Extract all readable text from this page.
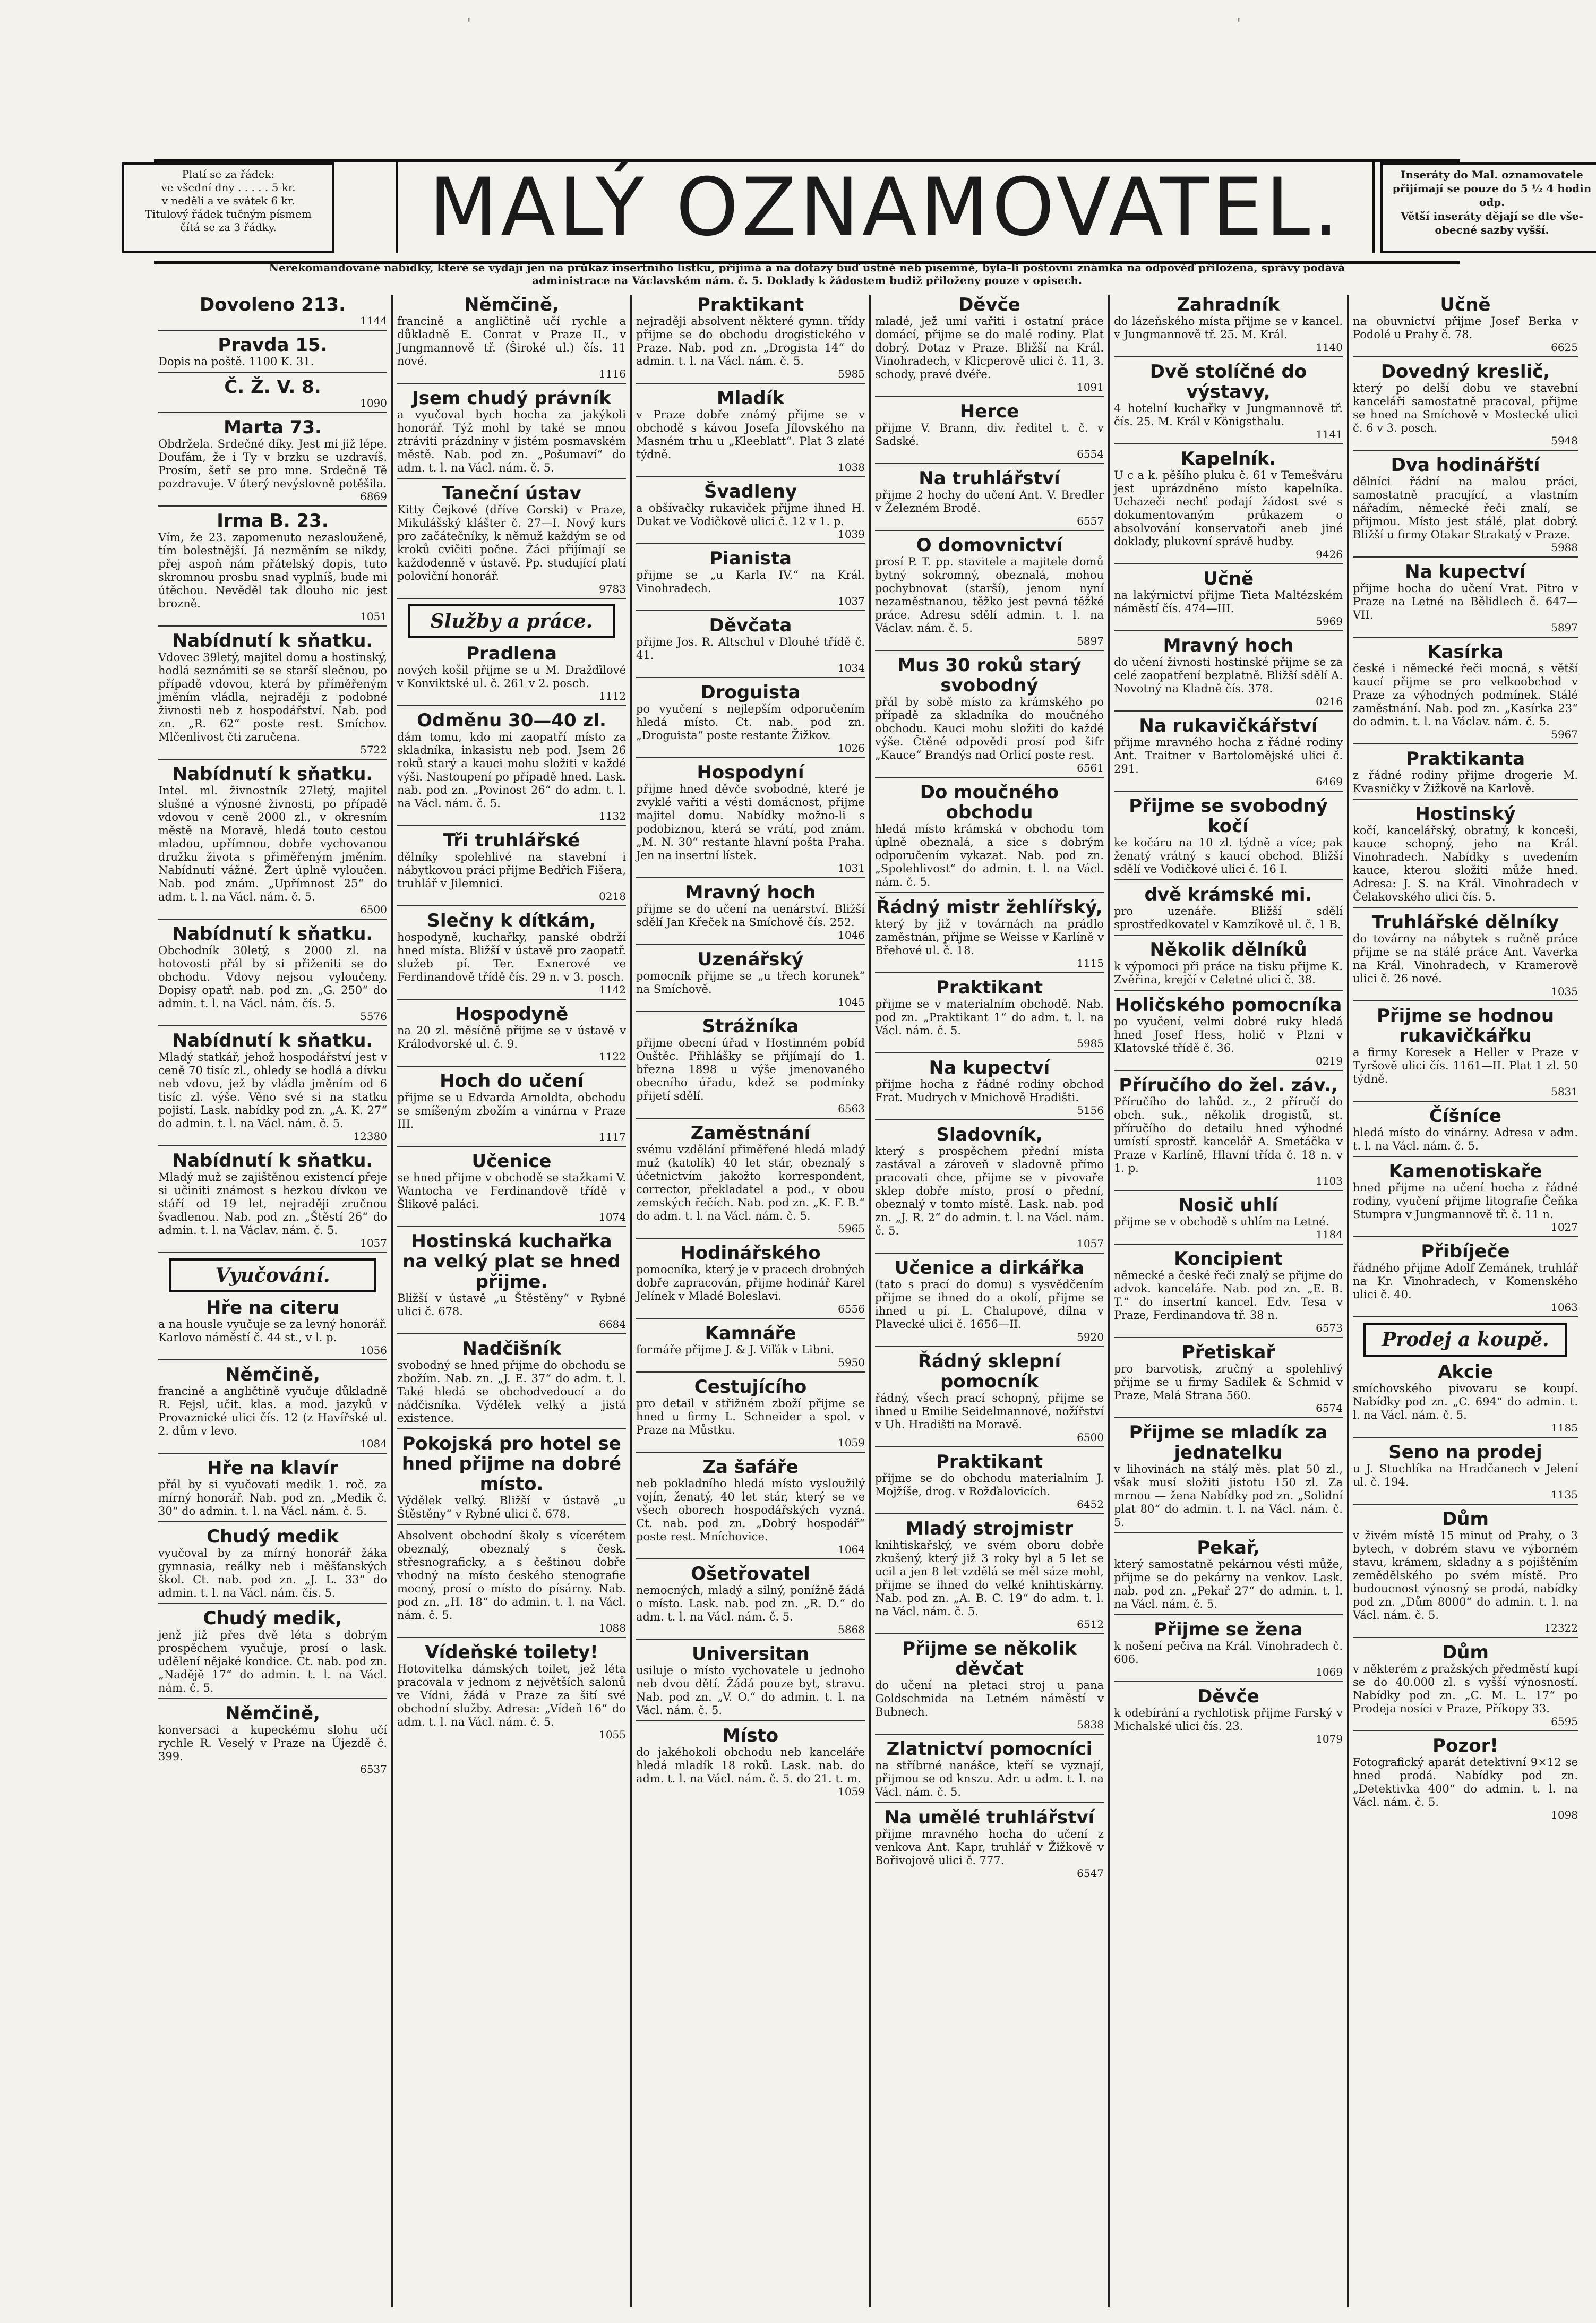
'	'
Platí se za řádek:
ve všední dny . . . . . 5 kr.
v neděli a ve svátek 6 kr.
Titulový řádek tučným písmem
čítá se za 3 řádky.	MALÝ OZNAMOVATEL.	Inseráty do Mal. oznamovatele
přijímají se pouze do 5 ½ 4 hodin odp.
Větší inseráty dějají se dle vše-
obecné sazby vyšší.
Nerekomandované nabídky, které se vydají jen na průkaz insertního lístku, přijímá a na dotazy buď ústně neb písemně, byla-li poštovní známka na odpověď přiložena, správy podává
administrace na Václavském nám. č. 5. Doklady k žádostem budiž přiloženy pouze v opisech.

Dovoleno 213.

1144

Pravda 15.

Dopis na poště. 1100 K. 31.

Č. Ž. V. 8.

1090

Marta 73.

Obdržela. Srdečné díky. Jest mi již lépe. Doufám, že i Ty v brzku se uzdravíš. Prosím, šetř se pro mne. Srdečně Tě pozdravuje. V úterý nevýslovně potěšila.

6869

Irma B. 23.

Vím, že 23. zapomenuto nezaslouženě, tím bolestnější. Já nezměním se nikdy, přej aspoň nám přátelský dopis, tuto skromnou prosbu snad vyplníš, bude mi útěchou. Nevěděl tak dlouho nic jest brozně.

1051

Nabídnutí k sňatku.

Vdovec 39letý, majitel domu a hostinský, hodlá seznámiti se se starší slečnou, po případě vdovou, která by příměřeným jměním vládla, nejraději z podobné živnosti neb z hospodářství. Nab. pod zn. „R. 62“ poste rest. Smíchov. Mlčenlivost čti zaručena.

5722

Nabídnutí k sňatku.

Intel. ml. živnostník 27letý, majitel slušné a výnosné živnosti, po případě vdovou v ceně 2000 zl., v okresním městě na Moravě, hledá touto cestou mladou, upřímnou, dobře vychovanou družku života s přiměřeným jměním. Nabídnutí vážné. Žert úplně vyloučen. Nab. pod znám. „Upřímnost 25“ do adm. t. l. na Václ. nám. č. 5.

6500

Nabídnutí k sňatku.

Obchodník 30letý, s 2000 zl. na hotovosti přál by si přiženiti se do obchodu. Vdovy nejsou vyloučeny. Dopisy opatř. nab. pod zn. „G. 250“ do admin. t. l. na Václ. nám. čís. 5.

5576

Nabídnutí k sňatku.

Mladý statkář, jehož hospodářství jest v ceně 70 tisíc zl., ohledy se hodlá a dívku neb vdovu, jež by vládla jměním od 6 tisíc zl. výše. Věno své si na statku pojistí. Lask. nabídky pod zn. „A. K. 27“ do admin. t. l. na Václ. nám. č. 5.

12380

Nabídnutí k sňatku.

Mladý muž se zajištěnou existencí přeje si učiniti známost s hezkou dívkou ve stáří od 19 let, nejraději zručnou švadlenou. Nab. pod zn. „Štěstí 26“ do admin. t. l. na Václav. nám. č. 5.

1057

Vyučování.

Hře na citeru

a na housle vyučuje se za levný honorář. Karlovo náměstí č. 44 st., v l. p.

1056

Němčině,

francině a angličtině vyučuje důkladně R. Fejsl, učit. klas. a mod. jazyků v Provaznické ulici čís. 12 (z Havířské ul. 2. dům v levo.

1084

Hře na klavír

přál by si vyučovati medik 1. roč. za mírný honorář. Nab. pod zn. „Medik č. 30“ do admin. t. l. na Václ. nám. č. 5.

Chudý medik

vyučoval by za mírný honorář žáka gymnasia, reálky neb i měšťanských škol. Ct. nab. pod zn. „J. L. 33“ do admin. t. l. na Václ. nám. čís. 5.

Chudý medik,

jenž již přes dvě léta s dobrým prospěchem vyučuje, prosí o lask. udělení nějaké kondice. Ct. nab. pod zn. „Nadějě 17“ do admin. t. l. na Václ. nám. č. 5.

Němčině,

konversaci a kupeckému slohu učí rychle R. Veselý v Praze na Újezdě č. 399.

6537

Němčině,

francině a angličtině učí rychle a důkladně E. Conrat v Praze II., v Jungmannově tř. (Široké ul.) čís. 11 nové.

1116

Jsem chudý právník

a vyučoval bych hocha za jakýkoli honorář. Týž mohl by také se mnou ztráviti prázdniny v jistém posmavském městě. Nab. pod zn. „Pošumaví“ do adm. t. l. na Václ. nám. č. 5.

Taneční ústav

Kitty Čejkové (dříve Gorski) v Praze, Mikulášský klášter č. 27—I. Nový kurs pro začátečníky, k němuž každým se od kroků cvičiti počne. Žáci přijímají se každodenně v ústavě. Pp. studující platí poloviční honorář.

9783

Služby a práce.

Pradlena

nových košil přijme se u M. Dražďilové v Konviktské ul. č. 261 v 2. posch.

1112

Odměnu 30—40 zl.

dám tomu, kdo mi zaopatří místo za skladníka, inkasistu neb pod. Jsem 26 roků starý a kauci mohu složiti v každé výši. Nastoupení po případě hned. Lask. nab. pod zn. „Povinost 26“ do adm. t. l. na Václ. nám. č. 5.

1132

Tři truhlářské

dělníky spolehlivé na stavební i nábytkovou práci přijme Bedřich Fišera, truhlář v Jilemnici.

0218

Slečny k dítkám,

hospodyně, kuchařky, panské obdrží hned místa. Bližší v ústavě pro zaopatř. služeb pí. Ter. Exnerové ve Ferdinandově třídě čís. 29 n. v 3. posch.

1142

Hospodyně

na 20 zl. měsíčně přijme se v ústavě v Králodvorské ul. č. 9.

1122

Hoch do učení

přijme se u Edvarda Arnoldta, obchodu se smíšeným zbožím a vinárna v Praze III.

1117

Učenice

se hned přijme v obchodě se stažkami V. Wantocha ve Ferdinandově třídě v Šlikově paláci.

1074

Hostinská kuchařka na velký plat se hned přijme.

Bližší v ústavě „u Štěstěny“ v Rybné ulici č. 678.

6684

Nadčišník

svobodný se hned přijme do obchodu se zbožím. Nab. zn. „J. E. 37“ do adm. t. l. Také hledá se obchodvedoucí a do nádčisníka. Výdělek velký a jistá existence.

Pokojská pro hotel se hned přijme na dobré místo.

Výdělek velký. Bližší v ústavě „u Štěstěny“ v Rybné ulici č. 678.

Absolvent obchodní školy s vícerétem obeznalý, obeznalý s česk. střesnograficky, a s češtinou dobře vhodný na místo českého stenografie mocný, prosí o místo do písárny. Nab. pod zn. „H. 18“ do admin. t. l. na Václ. nám. č. 5.

1088

Vídeňské toilety!

Hotovitelka dámských toilet, jež léta pracovala v jednom z největších salonů ve Vídni, žádá v Praze za šití své obchodní služby. Adresa: „Vídeň 16“ do adm. t. l. na Václ. nám. č. 5.

1055

Praktikant

nejraději absolvent některé gymn. třídy přijme se do obchodu drogistického v Praze. Nab. pod zn. „Drogista 14“ do admin. t. l. na Václ. nám. č. 5.

5985

Mladík

v Praze dobře známý přijme se v obchodě s kávou Josefa Jílovského na Masném trhu u „Kleeblatt“. Plat 3 zlaté týdně.

1038

Švadleny

a obšívačky rukaviček přijme ihned H. Dukat ve Vodičkově ulici č. 12 v 1. p.

1039

Pianista

přijme se „u Karla IV.“ na Král. Vinohradech.

1037

Děvčata

přijme Jos. R. Altschul v Dlouhé třídě č. 41.

1034

Droguista

po vyučení s nejlepším odporučením hledá místo. Ct. nab. pod zn. „Droguista“ poste restante Žižkov.

1026

Hospodyní

přijme hned děvče svobodné, které je zvyklé vařiti a vésti domácnost, přijme majitel domu. Nabídky možno-li s podobiznou, která se vrátí, pod znám. „M. N. 30“ restante hlavní pošta Praha. Jen na insertní lístek.

1031

Mravný hoch

přijme se do učení na uenárství. Bližší sdělí Jan Křeček na Smíchově čís. 252.

1046

Uzenářský

pomocník přijme se „u třech korunek“ na Smíchově.

1045

Strážníka

přijme obecní úřad v Hostinném pobíd Ouštěc. Přihlášky se přijímají do 1. března 1898 u výše jmenovaného obecního úřadu, kdež se podmínky přijetí sdělí.

6563

Zaměstnání

svému vzdělání přiměřené hledá mladý muž (katolík) 40 let stár, obeznalý s účetnictvím jakožto korrespondent, corrector, překladatel a pod., v obou zemských řečích. Nab. pod zn. „K. F. B.“ do adm. t. l. na Václ. nám. č. 5.

5965

Hodinářského

pomocníka, který je v pracech drobných dobře zapracován, přijme hodinář Karel Jelínek v Mladé Boleslavi.

6556

Kamnáře

formáře přijme J. & J. Viľák v Libni.

5950

Cestujícího

pro detail v střižném zboží přijme se hned u firmy L. Schneider a spol. v Praze na Můstku.

1059

Za šafáře

neb pokladního hledá místo vysloužilý vojín, ženatý, 40 let stár, který se ve všech oborech hospodářských vyzná. Ct. nab. pod zn. „Dobrý hospodář“ poste rest. Mníchovice.

1064

Ošetřovatel

nemocných, mladý a silný, ponížně žádá o místo. Lask. nab. pod zn. „R. D.“ do adm. t. l. na Václ. nám. č. 5.

5868

Universitan

usiluje o místo vychovatele u jednoho neb dvou dětí. Žádá pouze byt, stravu. Nab. pod zn. „V. O.“ do admin. t. l. na Václ. nám. č. 5.

Místo

do jakéhokoli obchodu neb kanceláře hledá mladík 18 roků. Lask. nab. do adm. t. l. na Václ. nám. č. 5. do 21. t. m.

1059

Děvče

mladé, jež umí vařiti i ostatní práce domácí, přijme se do malé rodiny. Plat dobrý. Dotaz v Praze. Bližší na Král. Vinohradech, v Klicperově ulici č. 11, 3. schody, pravé dvéře.

1091

Herce

přijme V. Brann, div. ředitel t. č. v Sadské.

6554

Na truhlářství

přijme 2 hochy do učení Ant. V. Bredler v Železném Brodě.

6557

O domovnictví

prosí P. T. pp. stavitele a majitele domů bytný sokromný, obeznalá, mohou pochybnovat (starší), jenom nyní nezaměstnanou, těžko jest pevná těžké práce. Adresu sdělí admin. t. l. na Václav. nám. č. 5.

5897

Mus 30 roků starý svobodný

přál by sobě místo za krámského po případě za skladníka do moučného obchodu. Kauci mohu složiti do každé výše. Čtěné odpovědi prosí pod šifr „Kauce“ Brandýs nad Orlicí poste rest.

6561

Do moučného obchodu

hledá místo krámská v obchodu tom úplně obeznalá, a sice s dobrým odporučením vykazat. Nab. pod zn. „Spolehlivost“ do admin. t. l. na Václ. nám. č. 5.

Řádný mistr žehlířský,

který by již v továrnách na prádlo zaměstnán, přijme se Weisse v Karlíně v Břehové ul. č. 18.

1115

Praktikant

přijme se v materialním obchodě. Nab. pod zn. „Praktikant 1“ do adm. t. l. na Václ. nám. č. 5.

5985

Na kupectví

přijme hocha z řádné rodiny obchod Frat. Mudrych v Mnichově Hradišti.

5156

Sladovník,

který s prospěchem přední místa zastával a zároveň v sladovně přímo pracovati chce, přijme se v pivovaře sklep dobře místo, prosí o přední, obeznalý v tomto místě. Lask. nab. pod zn. „J. R. 2“ do admin. t. l. na Václ. nám. č. 5.

1057

Učenice a dirkářka

(tato s prací do domu) s vysvědčením přijme se ihned do a okolí, přijme se ihned u pí. L. Chalupové, dílna v Plavecké ulici č. 1656—II.

5920

Řádný sklepní pomocník

řádný, všech prací schopný, přijme se ihned u Emilie Seidelmannové, nožířství v Uh. Hradišti na Moravě.

6500

Praktikant

přijme se do obchodu materialním J. Mojžíše, drog. v Rožďalovicích.

6452

Mladý strojmistr

knihtiskařský, ve svém oboru dobře zkušený, který již 3 roky byl a 5 let se ucil a jen 8 let vzdělá se měl sáze mohl, přijme se ihned do velké knihtiskárny. Nab. pod zn. „A. B. C. 19“ do adm. t. l. na Václ. nám. č. 5.

6512

Přijme se několik děvčat

do učení na pletaci stroj u pana Goldschmida na Letném náměstí v Bubnech.

5838

Zlatnictví pomocníci

na stříbrné nanášce, kteří se vyznají, přijmou se od knszu. Adr. u adm. t. l. na Václ. nám. č. 5.

Na umělé truhlářství

přijme mravného hocha do učení z venkova Ant. Kapr, truhlář v Žižkově v Bořivojově ulici č. 777.

6547

Zahradník

do lázeňského místa přijme se v kancel. v Jungmannově tř. 25. M. Král.

1140

Dvě stolíčné do výstavy,

4 hotelní kuchařky v Jungmannově tř. čís. 25. M. Král v Königsthalu.

1141

Kapelník.

U c a k. pěšího pluku č. 61 v Temešváru jest uprázdněno místo kapelníka. Uchazeči nechť podají žádost své s dokumentovaným průkazem o absolvování konservatoři aneb jiné doklady, plukovní správě hudby.

9426

Učně

na lakýrnictví přijme Tieta Maltézském náměstí čís. 474—III.

5969

Mravný hoch

do učení živnosti hostinské přijme se za celé zaopatření bezplatně. Bližší sdělí A. Novotný na Kladně čís. 378.

0216

Na rukavičkářství

přijme mravného hocha z řádné rodiny Ant. Traitner v Bartolomějské ulici č. 291.

6469

Přijme se svobodný kočí

ke kočáru na 10 zl. týdně a více; pak ženatý vrátný s kaucí obchod. Bližší sdělí ve Vodičkové ulici č. 16 I.

dvě krámské mi.

pro uzenáře. Bližší sdělí sprostředkovatel v Kamzíkově ul. č. 1 B.

Několik dělníků

k výpomoci při práce na tisku přijme K. Zvěřina, krejčí v Celetné ulici č. 38.

Holičského pomocníka

po vyučení, velmi dobré ruky hledá hned Josef Hess, holič v Plzni v Klatovské třídě č. 36.

0219

Příručího do žel. záv.,

Příručího do lahůd. z., 2 příručí do obch. suk., několik drogistů, st. příručího do detailu hned výhodné umístí sprostř. kancelář A. Smetáčka v Praze v Karlíně, Hlavní třída č. 18 n. v 1. p.

1103

Nosič uhlí

přijme se v obchodě s uhlím na Letné.

1184

Koncipient

německé a české řeči znalý se přijme do advok. kanceláře. Nab. pod zn. „E. B. T.“ do insertní kancel. Edv. Tesa v Praze, Ferdinandova tř. 38 n.

6573

Přetiskař

pro barvotisk, zručný a spolehlivý přijme se u firmy Sadílek & Schmid v Praze, Malá Strana 560.

6574

Přijme se mladík za jednatelku

v lihovinách na stálý měs. plat 50 zl., však musí složiti jistotu 150 zl. Za mrnou — žena Nabídky pod zn. „Solidní plat 80“ do admin. t. l. na Václ. nám. č. 5.

Pekař,

který samostatně pekárnou vésti může, přijme se do pekárny na venkov. Lask. nab. pod zn. „Pekař 27“ do admin. t. l. na Václ. nám. č. 5.

Přijme se žena

k nošení pečiva na Král. Vinohradech č. 606.

1069

Děvče

k odebírání a rychlotisk přijme Farský v Michalské ulici čís. 23.

1079

Učně

na obuvnictví přijme Josef Berka v Podolé u Prahy č. 78.

6625

Dovedný kreslič,

který po delší dobu ve stavební kanceláři samostatně pracoval, přijme se hned na Smíchově v Mostecké ulici č. 6 v 3. posch.

5948

Dva hodinářští

dělníci řádní na malou práci, samostatně pracující, a vlastním nářadím, německé řeči znalí, se přijmou. Místo jest stálé, plat dobrý. Bližší u firmy Otakar Strakatý v Praze.

5988

Na kupectví

přijme hocha do učení Vrat. Pitro v Praze na Letné na Bělidlech č. 647—VII.

5897

Kasírka

české i německé řeči mocná, s větší kaucí přijme se pro velkoobchod v Praze za výhodných podmínek. Stálé zaměstnání. Nab. pod zn. „Kasírka 23“ do admin. t. l. na Václav. nám. č. 5.

5967

Praktikanta

z řádné rodiny přijme drogerie M. Kvasničky v Žižkově na Karlově.

Hostinský

kočí, kancelářský, obratný, k konceši, kauce schopný, jeho na Král. Vinohradech. Nabídky s uvedením kauce, kterou složiti může hned. Adresa: J. S. na Král. Vinohradech v Čelakovského ulici čís. 5.

Truhlářské dělníky

do továrny na nábytek s ručně práce přijme se na stálé práce Ant. Vaverka na Král. Vinohradech, v Kramerově ulici č. 26 nové.

1035

Přijme se hodnou rukavičkářku

a firmy Koresek a Heller v Praze v Tyršově ulici čís. 1161—II. Plat 1 zl. 50 týdně.

5831

Číšníce

hledá místo do vinárny. Adresa v adm. t. l. na Václ. nám. č. 5.

Kamenotiskaře

hned přijme na učení hocha z řádné rodiny, vyučení přijme litografie Čeňka Stumpra v Jungmannově tř. č. 11 n.

1027

Přibíječe

řádného přijme Adolf Zemánek, truhlář na Kr. Vinohradech, v Komenského ulici č. 40.

1063

Prodej a koupě.

Akcie

smíchovského pivovaru se koupí. Nabídky pod zn. „C. 694“ do admin. t. l. na Václ. nám. č. 5.

1185

Seno na prodej

u J. Stuchlíka na Hradčanech v Jelení ul. č. 194.

1135

Dům

v živém místě 15 minut od Prahy, o 3 bytech, v dobrém stavu ve výborném stavu, krámem, skladny a s pojištěním zemědělského po svém místě. Pro budoucnost výnosný se prodá, nabídky pod zn. „Dům 8000“ do admin. t. l. na Václ. nám. č. 5.

12322

Dům

v některém z pražských předměstí kupí se do 40.000 zl. s vyšší výnosností. Nabídky pod zn. „C. M. L. 17“ po Prodeja nosíci v Praze, Příkopy 33.

6595

Pozor!

Fotografický aparát detektivní 9×12 se hned prodá. Nabídky pod zn. „Detektivka 400“ do admin. t. l. na Václ. nám. č. 5.

1098
